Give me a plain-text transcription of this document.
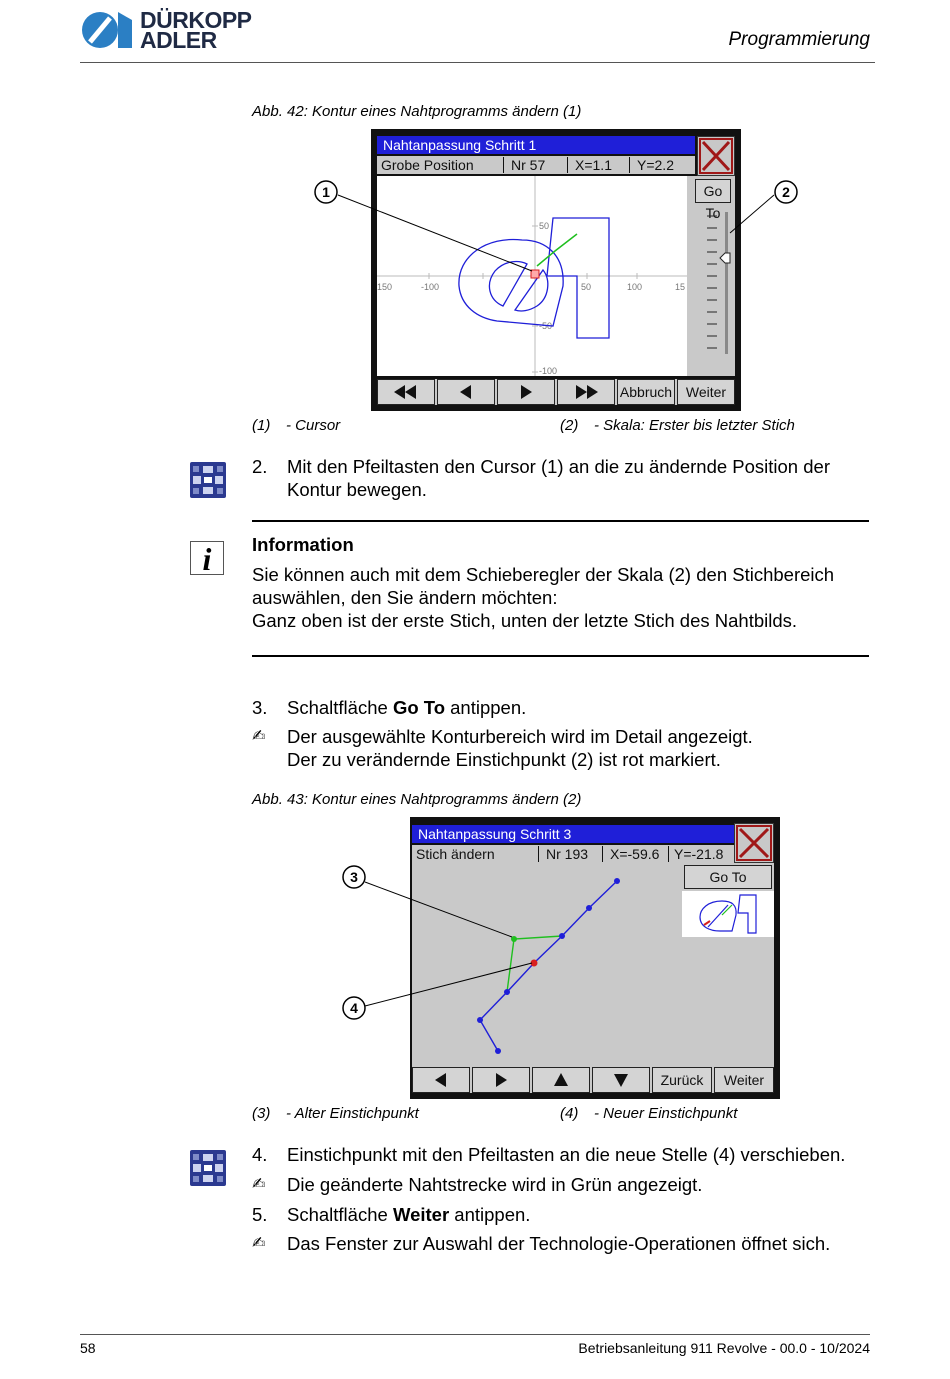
DÜRKOPP
ADLER	Programmierung
Abb. 42: Kontur eines Nahtprogramms ändern (1)
Nahtanpassung Schritt 1
Grobe Position	Nr 57 X=1.1 Y=2.2
Go To
150	-100	50	100	15
50
-50
-100
Abbruch Weiter
1	2
(1) - Cursor	(2) - Skala: Erster bis letzter Stich
2.	Mit den Pfeiltasten den Cursor (1) an die zu ändernde Position der Kontur bewegen.
i	Information
Sie können auch mit dem Schieberegler der Skala (2) den Stichbereich auswählen, den Sie ändern möchten:
Ganz oben ist der erste Stich, unten der letzte Stich des Nahtbilds.
3.	Schaltfläche Go To antippen.
✍ Der ausgewählte Konturbereich wird im Detail angezeigt.
Der zu verändernde Einstichpunkt (2) ist rot markiert.
Abb. 43: Kontur eines Nahtprogramms ändern (2)
Nahtanpassung Schritt 3
Stich ändern	Nr 193 X=-59.6 Y=-21.8
Go To
Zurück	Weiter
3
4
(3) - Alter Einstichpunkt	(4) - Neuer Einstichpunkt
4.	Einstichpunkt mit den Pfeiltasten an die neue Stelle (4) verschieben.
✍ Die geänderte Nahtstrecke wird in Grün angezeigt.
5.	Schaltfläche Weiter antippen.
✍ Das Fenster zur Auswahl der Technologie-Operationen öffnet sich.
58	Betriebsanleitung 911 Revolve - 00.0 - 10/2024
